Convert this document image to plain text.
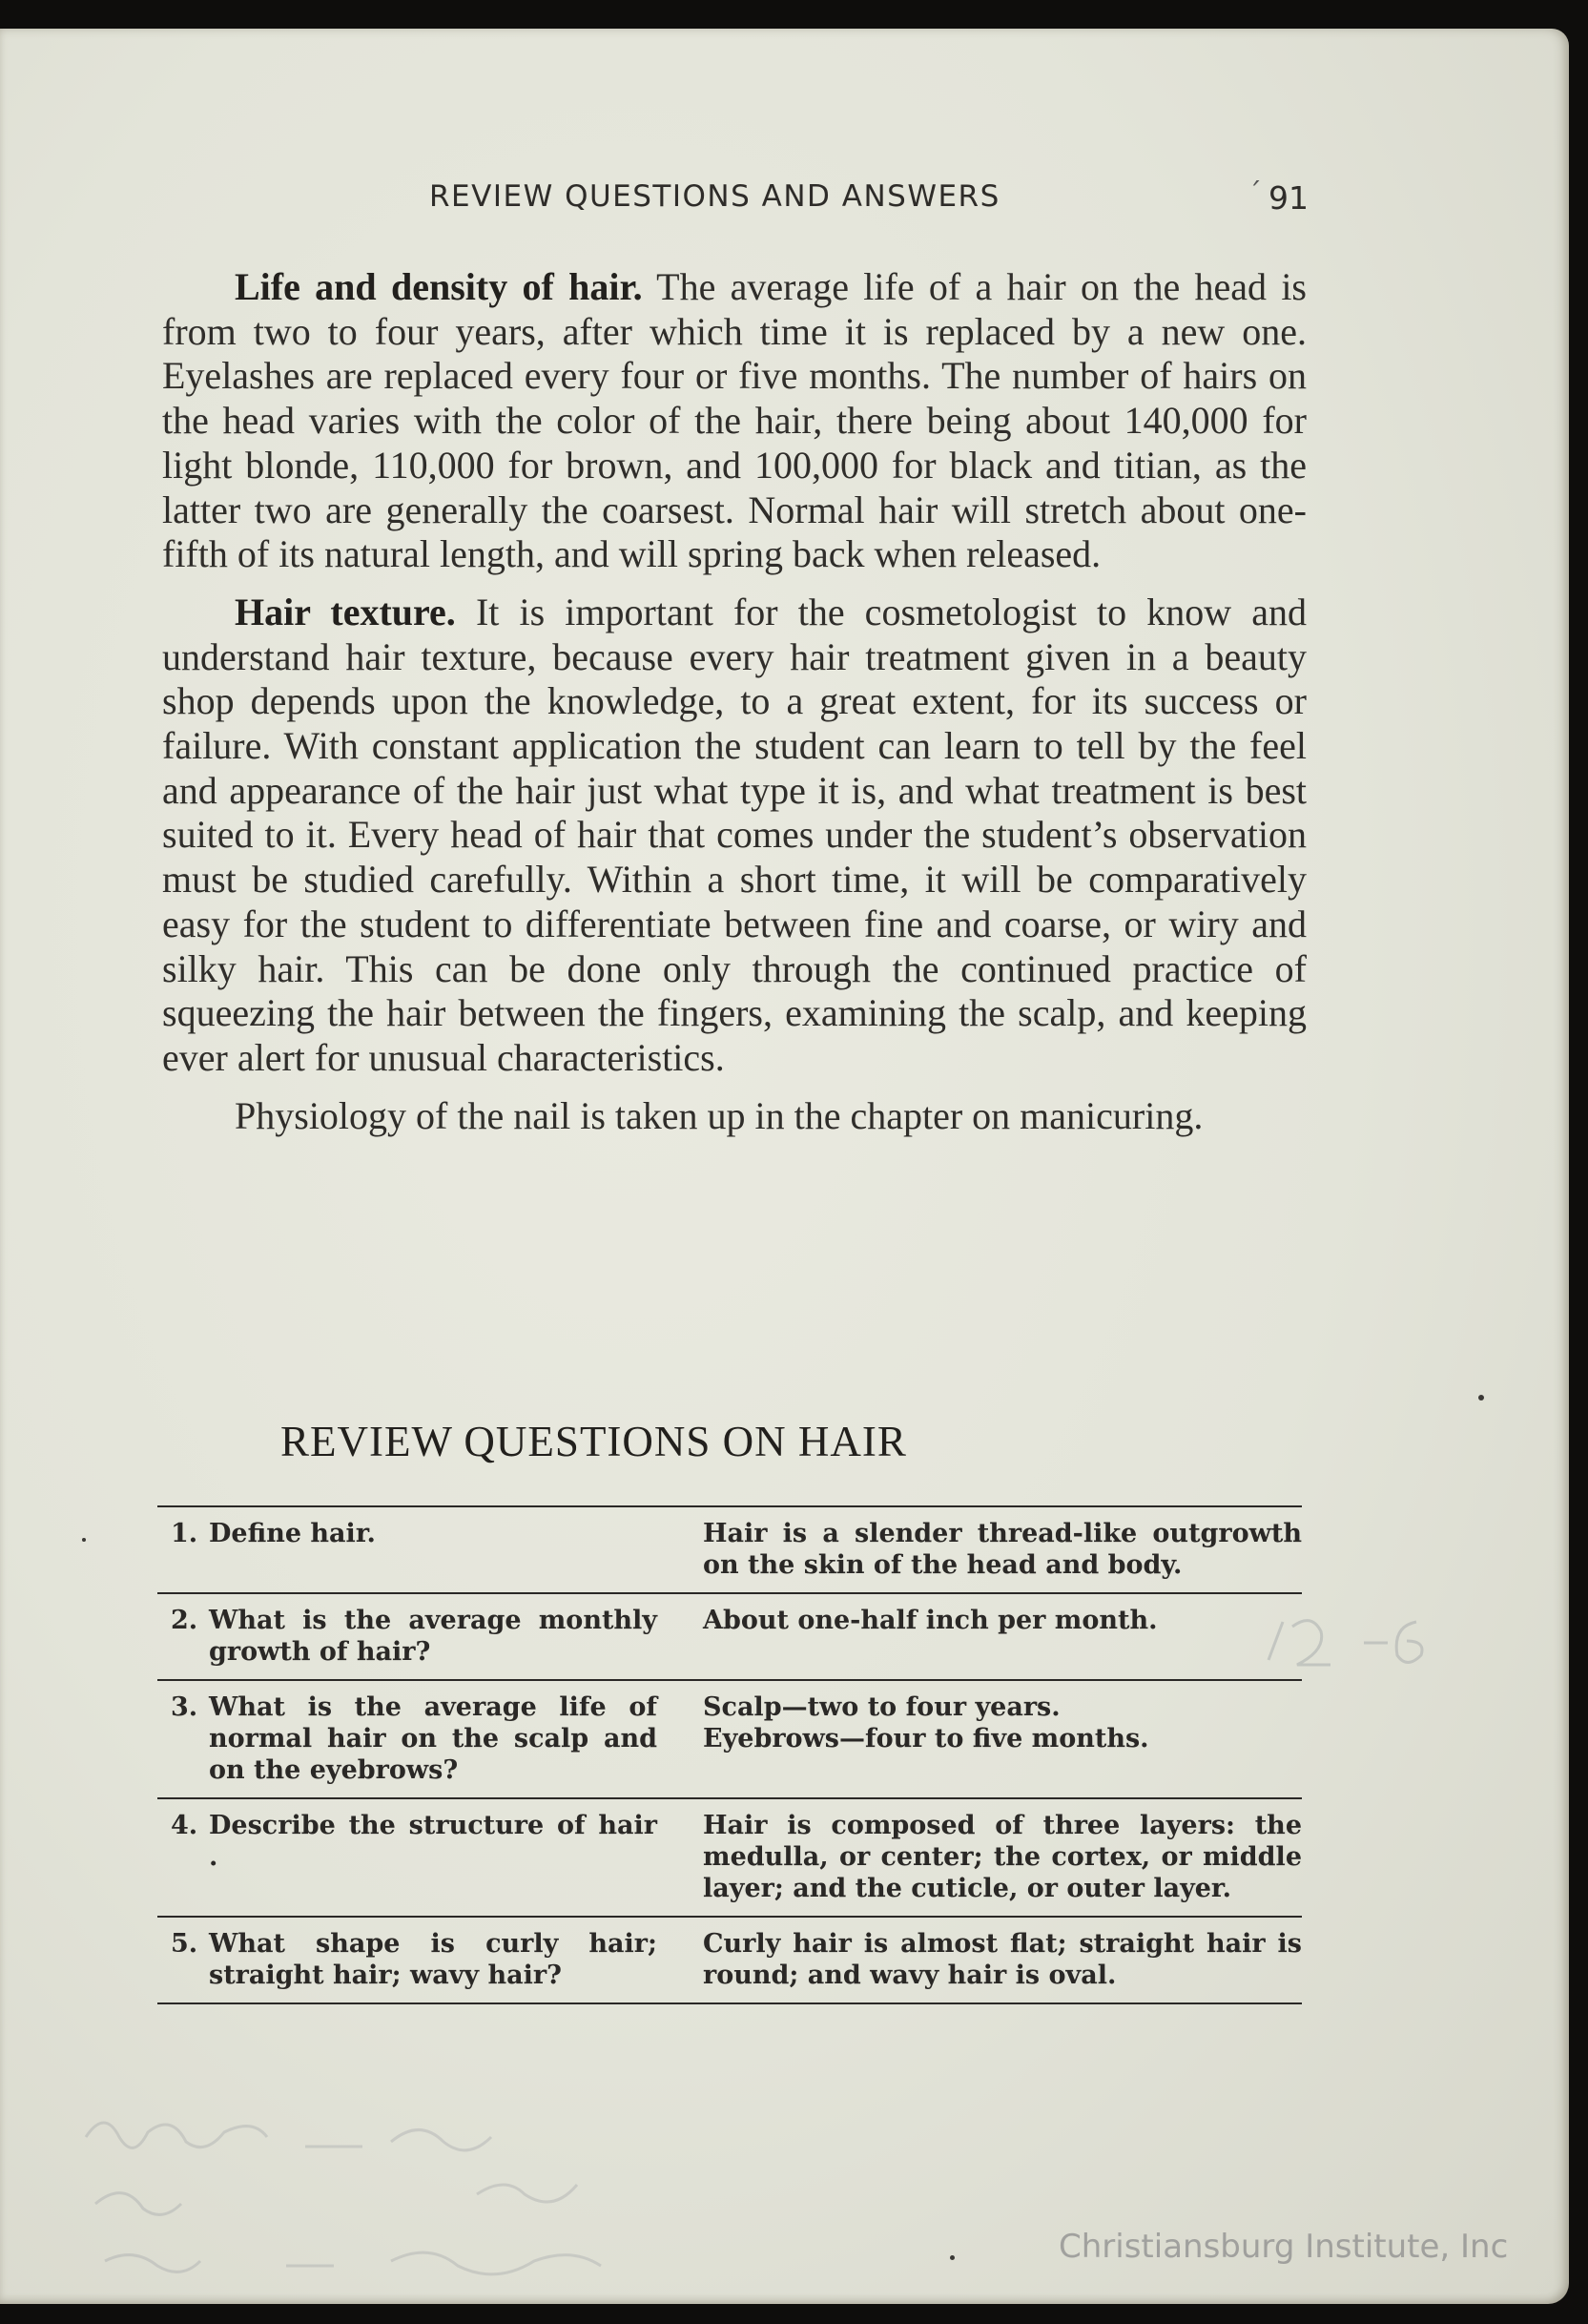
´
REVIEW QUESTIONS AND ANSWERS	91

Life and density of hair. The average life of a hair on the head is from two to four years, after which time it is replaced by a new one. Eyelashes are replaced every four or five months. The number of hairs on the head varies with the color of the hair, there being about 140,000 for light blonde, 110,000 for brown, and 100,000 for black and titian, as the latter two are generally the coarsest. Normal hair will stretch about one-fifth of its natural length, and will spring back when released.

Hair texture. It is important for the cosmetologist to know and understand hair texture, because every hair treatment given in a beauty shop depends upon the knowledge, to a great extent, for its success or failure. With constant application the student can learn to tell by the feel and appearance of the hair just what type it is, and what treatment is best suited to it. Every head of hair that comes under the student’s observation must be studied carefully. Within a short time, it will be comparatively easy for the student to differentiate between fine and coarse, or wiry and silky hair. This can be done only through the continued practice of squeezing the hair between the fingers, examining the scalp, and keeping ever alert for unusual characteristics.

Physiology of the nail is taken up in the chapter on manicuring.

REVIEW QUESTIONS ON HAIR
1. Define hair.	Hair is a slender thread-like outgrowth on the skin of the head and body.
2. What is the average monthly growth of hair?
About one-half inch per month.
3. What is the average life of normal hair on the scalp and on the eyebrows?
Scalp—two to four years.
Eyebrows—four to five months.
4. Describe the structure of hair .
Hair is composed of three layers: the medulla, or center; the cortex, or middle layer; and the cuticle, or outer layer.
5. What shape is curly hair; straight hair; wavy hair?
Curly hair is almost flat; straight hair is round; and wavy hair is oval.
Christiansburg Institute, Inc
